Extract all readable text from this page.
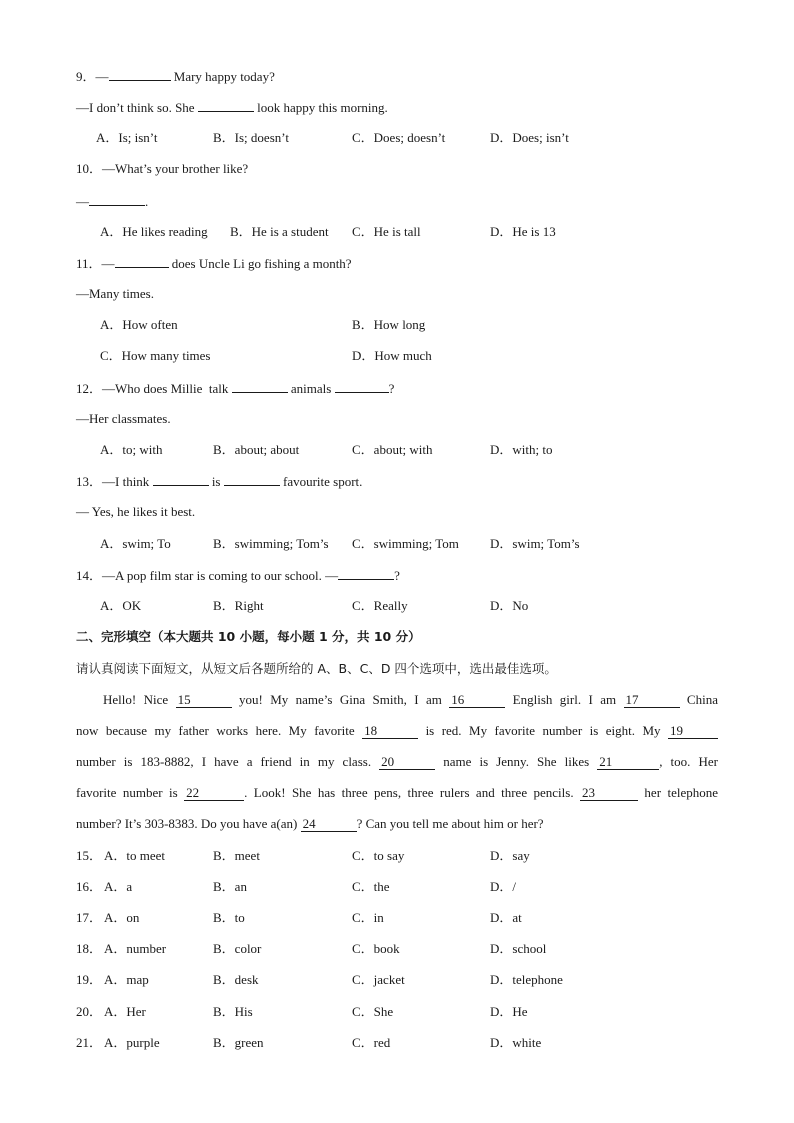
9．—	Mary happy today?
—I don’t think so. She	look happy this morning.
A．Is; isn’t	B．Is; doesn’t	C．Does; doesn’t	D．Does; isn’t
10．—What’s your brother like?
—	.
A．He likes reading B．He is a student C．He is tall	D．He is 13
11．—	does Uncle Li go fishing a month?
—Many times.
A．How often	B．How long
C．How many times	D．How much
12．—Who does Millie  talk	animals	?
—Her classmates.
A．to; with	B．about; about	C．about; with	D．with; to
13．—I think	is	favourite sport.
— Yes, he likes it best.
A．swim; To	B．swimming; Tom’s C．swimming; Tom D．swim; Tom’s
14．—A pop film star is coming to our school. —	?
A．OK	B．Right	C．Really	D．No
二、完形填空（本大题共 10 小题，每小题 1 分，共 10 分）
请认真阅读下面短文，从短文后各题所给的 A、B、C、D 四个选项中，选出最佳选项。
Hello! Nice 15	you! My name’s Gina Smith, I am 16	English girl. I am 17	China
now because my father works here. My favorite 18	is red. My favorite number is eight. My 19
number is 183-8882, I have a friend in my class. 20	name is Jenny. She likes 21	, too. Her
favorite number is 22	. Look! She has three pens, three rulers and three pencils. 23	her telephone
number? It’s 303-8383. Do you have a(an) 24	? Can you tell me about him or her?
15． A．to meet	B．meet	C．to say	D．say
16． A．a	B．an	C．the	D．/
17． A．on	B．to	C．in	D．at
18． A．number	B．color	C．book	D．school
19． A．map	B．desk	C．jacket	D．telephone
20． A．Her	B．His	C．She	D．He
21． A．purple	B．green	C．red	D．white
